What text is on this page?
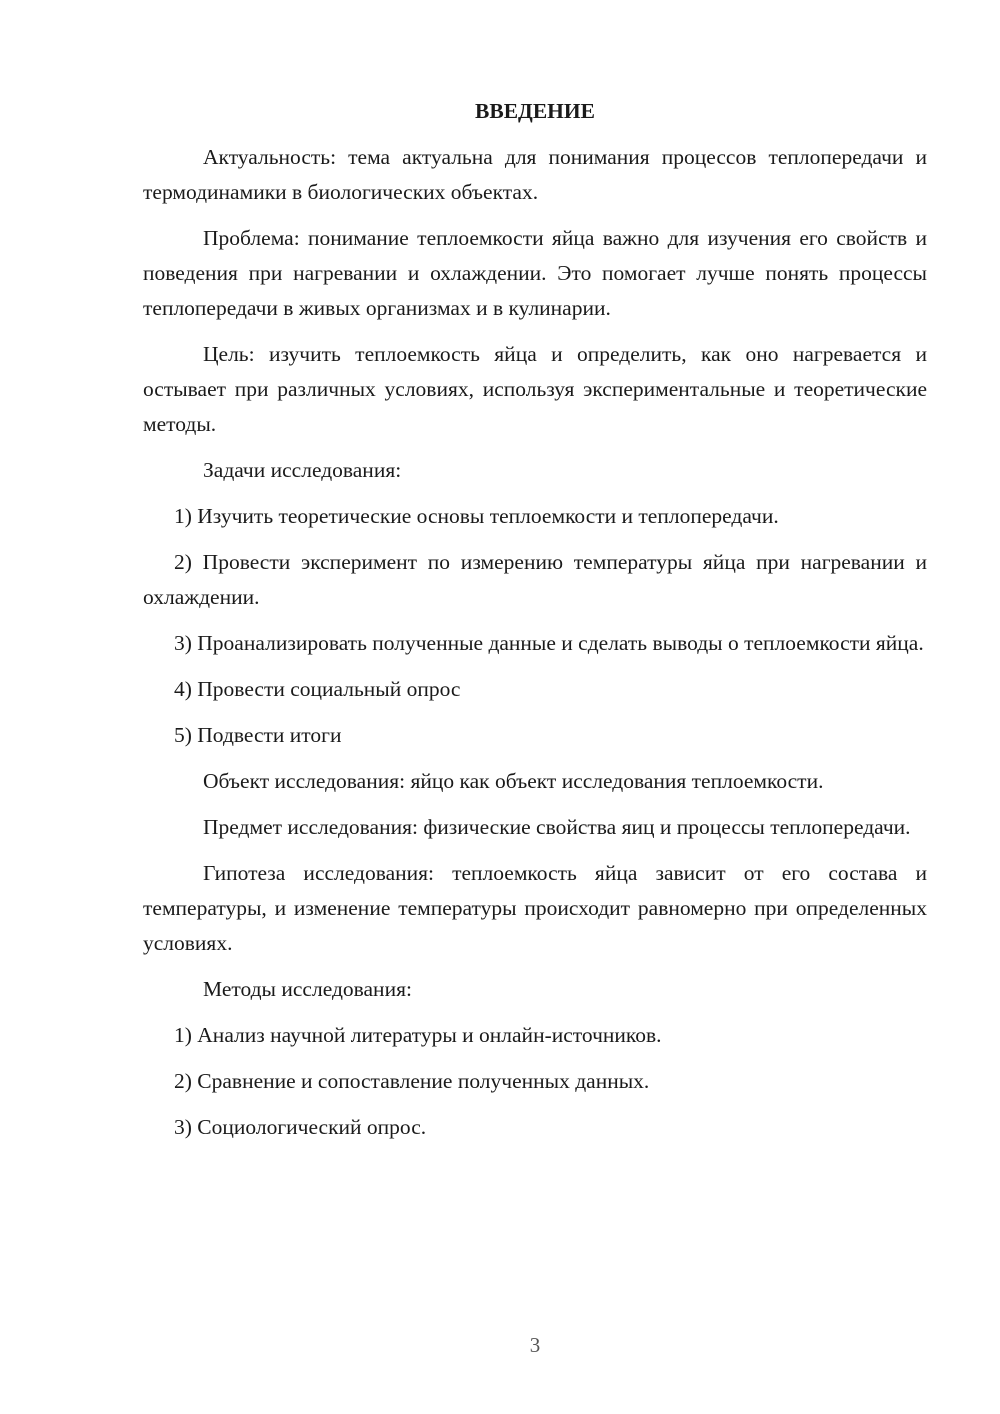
ВВЕДЕНИЕ

Актуальность: тема актуальна для понимания процессов теплопередачи и термодинамики в биологических объектах.

Проблема: понимание теплоемкости яйца важно для изучения его свойств и поведения при нагревании и охлаждении. Это помогает лучше понять процессы теплопередачи в живых организмах и в кулинарии.

Цель: изучить теплоемкость яйца и определить, как оно нагревается и остывает при различных условиях, используя экспериментальные и теоретические методы.

Задачи исследования:

1) Изучить теоретические основы теплоемкости и теплопередачи.

2) Провести эксперимент по измерению температуры яйца при нагревании и охлаждении.

3) Проанализировать полученные данные и сделать выводы о теплоемкости яйца.

4) Провести социальный опрос

5) Подвести итоги

Объект исследования: яйцо как объект исследования теплоемкости.

Предмет исследования: физические свойства яиц и процессы теплопередачи.

Гипотеза исследования: теплоемкость яйца зависит от его состава и температуры, и изменение температуры происходит равномерно при определенных условиях.

Методы исследования:

1) Анализ научной литературы и онлайн-источников.

2) Сравнение и сопоставление полученных данных.

3) Социологический опрос.

3
